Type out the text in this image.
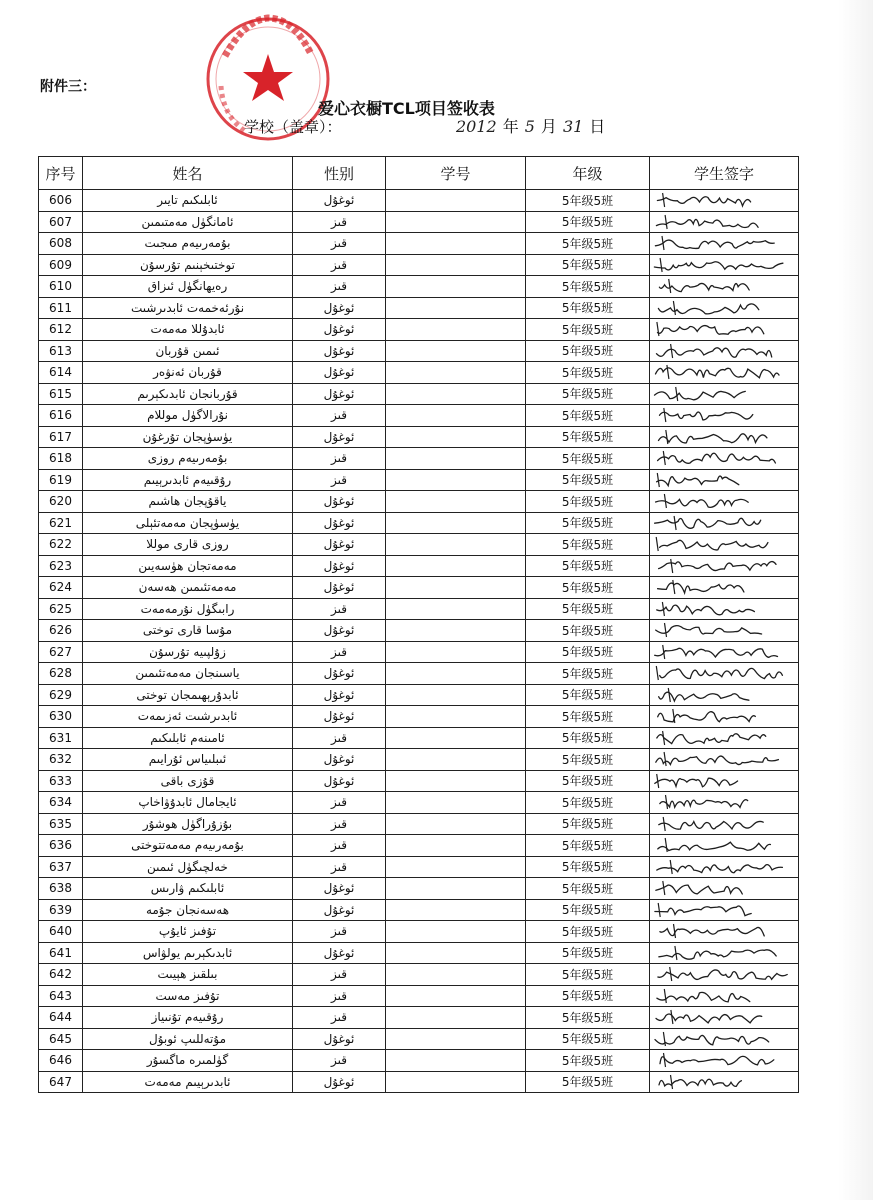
附件三：
爱心衣橱TCL项目签收表
学校（盖章）：	2012 年 5 月 31 日
序号	姓名	性别	学号	年级	学生签字
606	ئابلىكىم تايىر	ئوغۇل		5年级5班	

607	ئامانگۈل مەمتىمىن	قىز		5年级5班	

608	بۇمەرىيەم مىجىت	قىز		5年级5班	

609	توختىخېنىم تۇرسۇن	قىز		5年级5班	

610	رەيھانگۈل ئىزاق	قىز		5年级5班	

611	نۇرئەخمەت ئابدىرشىت	ئوغۇل		5年级5班	

612	ئابدۇللا مەمەت	ئوغۇل		5年级5班	

613	ئىمىن قۇربان	ئوغۇل		5年级5班	

614	قۇربان ئەنۋەر	ئوغۇل		5年级5班	

615	قۇربانجان ئابدىكېرىم	ئوغۇل		5年级5班	

616	نۇرالاگۈل موللام	قىز		5年级5班	

617	يۈسۈپجان تۇرغۇن	ئوغۇل		5年级5班	

618	بۇمەرىيەم روزى	قىز		5年级5班	

619	رۇقىيەم ئابدىرېيىم	قىز		5年级5班	

620	ياقۇپجان ھاشىم	ئوغۇل		5年级5班	

621	يۈسۈپجان مەمەتئېلى	ئوغۇل		5年级5班	

622	روزى قارى موللا	ئوغۇل		5年级5班	

623	مەمەتجان ھۈسەيىن	ئوغۇل		5年级5班	

624	مەمەتئىمىن ھەسەن	ئوغۇل		5年级5班	

625	رابىگۈل نۇرمەمەت	قىز		5年级5班	

626	مۇسا قارى توختى	ئوغۇل		5年级5班	

627	زۇلپىيە تۇرسۇن	قىز		5年级5班	

628	ياسىنجان مەمەتئىمىن	ئوغۇل		5年级5班	

629	ئابدۇرېھىمجان توختى	ئوغۇل		5年级5班	

630	ئابدىرشىت ئەزىمەت	ئوغۇل		5年级5班	

631	ئامىنەم ئابلىكىم	قىز		5年级5班	

632	ئىبلىياس ئۇرايىم	ئوغۇل		5年级5班	

633	قۇزى باقى	ئوغۇل		5年级5班	

634	ئايجامال ئابدۇۋاخاپ	قىز		5年级5班	

635	بۇزۇراگۈل ھوشۇر	قىز		5年级5班	

636	بۇمەرىيەم مەمەتتوختى	قىز		5年级5班	

637	خەلچىگۈل ئىمىن	قىز		5年级5班	

638	ئابلىكىم ۋارىس	ئوغۇل		5年级5班	

639	ھەسەنجان جۇمە	ئوغۇل		5年级5班	

640	تۇفىز ئايۇپ	قىز		5年级5班	

641	ئابدىكېرىم يولۋاس	ئوغۇل		5年级5班	

642	بىلقىز ھېيىت	قىز		5年级5班	

643	تۇفىز مەست	قىز		5年级5班	

644	رۇقىيەم تۇنىياز	قىز		5年级5班	

645	مۇتەللىپ ئوبۇل	ئوغۇل		5年级5班	

646	گۈلمىرە ماگسۇر	قىز		5年级5班	

647	ئابدىرېيىم مەمەت	ئوغۇل		5年级5班	
